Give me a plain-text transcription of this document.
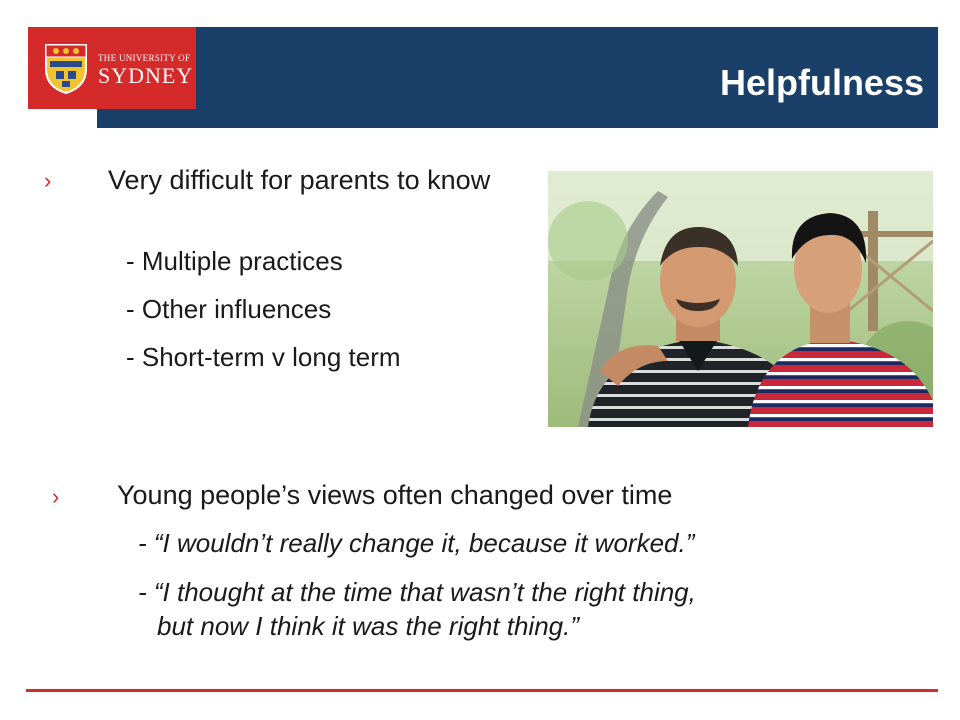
THE UNIVERSITY OF
SYDNEY	Helpfulness
› Very difficult for parents to know
- Multiple practices
- Other influences
- Short-term v long term
› Young people’s views often changed over time
- “I wouldn’t really change it, because it worked.”
- “I thought at the time that wasn’t the right thing,
but now I think it was the right thing.”
